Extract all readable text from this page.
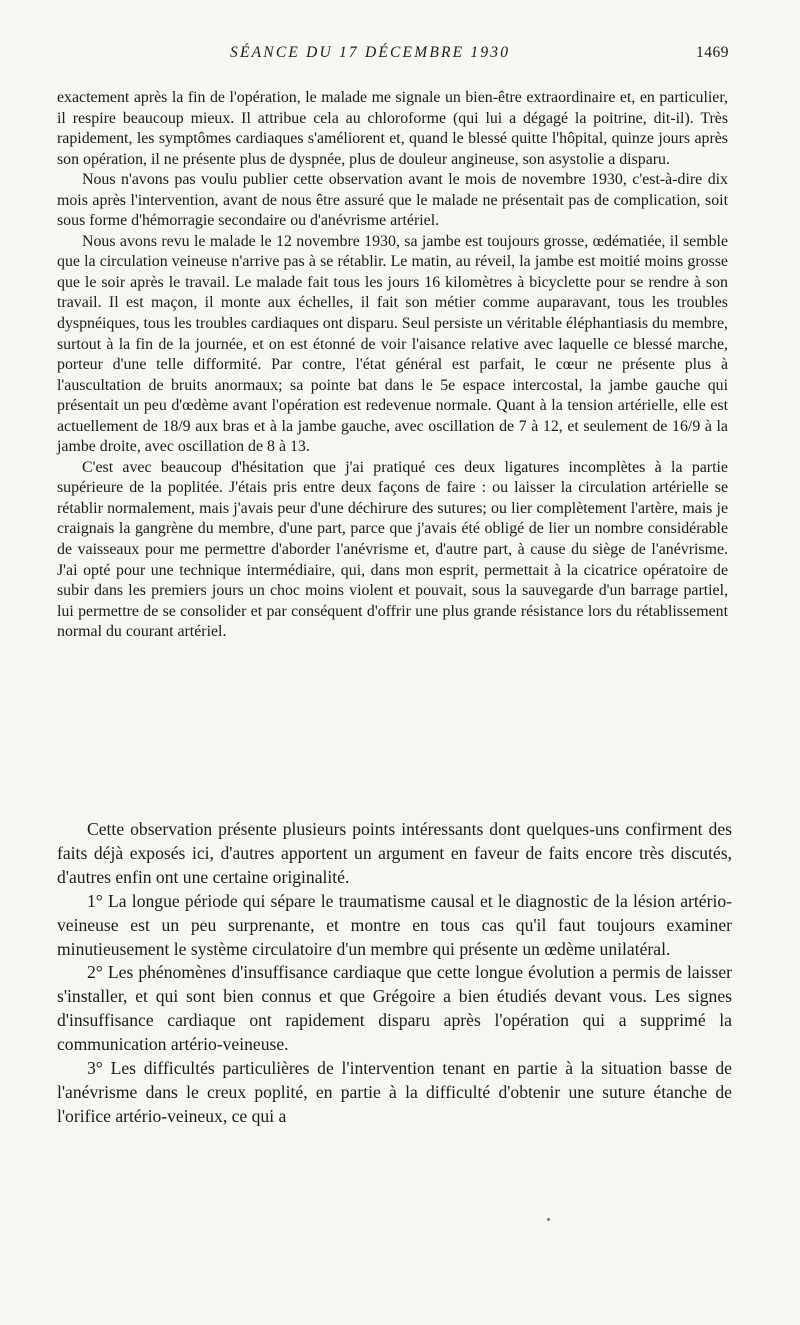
SÉANCE DU 17 DÉCEMBRE 1930	1469

exactement après la fin de l'opération, le malade me signale un bien-être extraordinaire et, en particulier, il respire beaucoup mieux. Il attribue cela au chloroforme (qui lui a dégagé la poitrine, dit-il). Très rapidement, les symptômes cardiaques s'améliorent et, quand le blessé quitte l'hôpital, quinze jours après son opération, il ne présente plus de dyspnée, plus de douleur angineuse, son asystolie a disparu.

Nous n'avons pas voulu publier cette observation avant le mois de novembre 1930, c'est-à-dire dix mois après l'intervention, avant de nous être assuré que le malade ne présentait pas de complication, soit sous forme d'hémorragie secondaire ou d'anévrisme artériel.

Nous avons revu le malade le 12 novembre 1930, sa jambe est toujours grosse, œdématiée, il semble que la circulation veineuse n'arrive pas à se rétablir. Le matin, au réveil, la jambe est moitié moins grosse que le soir après le travail. Le malade fait tous les jours 16 kilomètres à bicyclette pour se rendre à son travail. Il est maçon, il monte aux échelles, il fait son métier comme auparavant, tous les troubles dyspnéiques, tous les troubles cardiaques ont disparu. Seul persiste un véritable éléphantiasis du membre, surtout à la fin de la journée, et on est étonné de voir l'aisance relative avec laquelle ce blessé marche, porteur d'une telle difformité. Par contre, l'état général est parfait, le cœur ne présente plus à l'auscultation de bruits anormaux; sa pointe bat dans le 5e espace intercostal, la jambe gauche qui présentait un peu d'œdème avant l'opération est redevenue normale. Quant à la tension artérielle, elle est actuellement de 18/9 aux bras et à la jambe gauche, avec oscillation de 7 à 12, et seulement de 16/9 à la jambe droite, avec oscillation de 8 à 13.

C'est avec beaucoup d'hésitation que j'ai pratiqué ces deux ligatures incomplètes à la partie supérieure de la poplitée. J'étais pris entre deux façons de faire : ou laisser la circulation artérielle se rétablir normalement, mais j'avais peur d'une déchirure des sutures; ou lier complètement l'artère, mais je craignais la gangrène du membre, d'une part, parce que j'avais été obligé de lier un nombre considérable de vaisseaux pour me permettre d'aborder l'anévrisme et, d'autre part, à cause du siège de l'anévrisme. J'ai opté pour une technique intermédiaire, qui, dans mon esprit, permettait à la cicatrice opératoire de subir dans les premiers jours un choc moins violent et pouvait, sous la sauvegarde d'un barrage partiel, lui permettre de se consolider et par conséquent d'offrir une plus grande résistance lors du rétablissement normal du courant artériel.

Cette observation présente plusieurs points intéressants dont quelques-uns confirment des faits déjà exposés ici, d'autres apportent un argument en faveur de faits encore très discutés, d'autres enfin ont une certaine originalité.

1° La longue période qui sépare le traumatisme causal et le diagnostic de la lésion artério-veineuse est un peu surprenante, et montre en tous cas qu'il faut toujours examiner minutieusement le système circulatoire d'un membre qui présente un œdème unilatéral.

2° Les phénomènes d'insuffisance cardiaque que cette longue évolution a permis de laisser s'installer, et qui sont bien connus et que Grégoire a bien étudiés devant vous. Les signes d'insuffisance cardiaque ont rapidement disparu après l'opération qui a supprimé la communication artério-veineuse.

3° Les difficultés particulières de l'intervention tenant en partie à la situation basse de l'anévrisme dans le creux poplité, en partie à la difficulté d'obtenir une suture étanche de l'orifice artério-veineux, ce qui a
